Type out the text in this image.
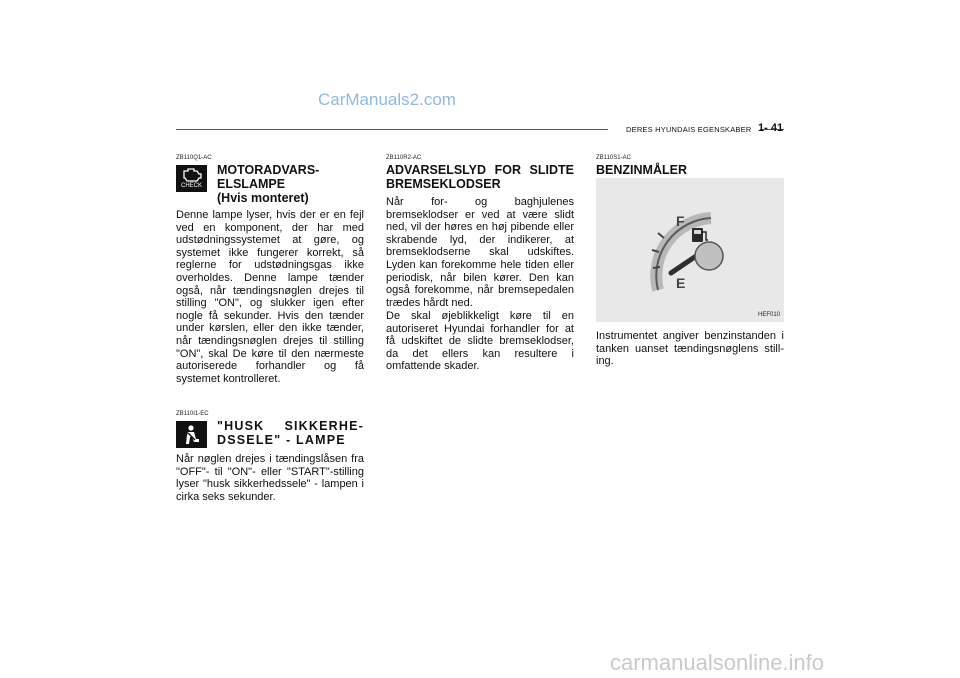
CarManuals2.com
DERES HYUNDAIS EGENSKABER 1- 41
ZB110Q1-AC
CHECK
MOTORADVARS-
ELSLAMPE
(Hvis monteret)
Denne lampe lyser, hvis der er en fejl ved en komponent, der har med udstødningssystemet at gøre, og systemet ikke fungerer korrekt, så reglerne for udstødningsgas ikke overholdes. Denne lampe tænder også, når tændingsnøglen drejes til stilling "ON", og slukker igen efter nogle få sekunder. Hvis den tænder under kørslen, eller den ikke tænder, når tændingsnøglen drejes til stilling "ON", skal De køre til den nærmeste autoriserede forhandler og få systemet kontrolleret.
ZB110I1-EC
"HUSK SIKKERHE-
DSSELE" - LAMPE
Når nøglen drejes i tændingslåsen fra "OFF"- til "ON"- eller "START"-stilling lyser "husk sikkerhedssele" - lampen i cirka seks sekunder.
ZB110R2-AC
ADVARSELSLYD FOR SLIDTE
BREMSEKLODSER
Når for- og baghjulenes bremseklodser er ved at være slidt ned, vil der høres en høj pibende eller skrabende lyd, der indikerer, at bremseklodserne skal udskiftes. Lyden kan forekomme hele tiden eller periodisk, når bilen kører. Den kan også forekomme, når bremsepedalen trædes hårdt ned.
De skal øjeblikkeligt køre til en autoriseret Hyundai forhandler for at få udskiftet de slidte bremseklodser, da det ellers kan resultere i omfattende skader.
ZB110S1-AC
BENZINMÅLER
F
E
HEF010
Instrumentet angiver benzinstanden i tanken uanset tændingsnøglens still-ing.
carmanualsonline.info
